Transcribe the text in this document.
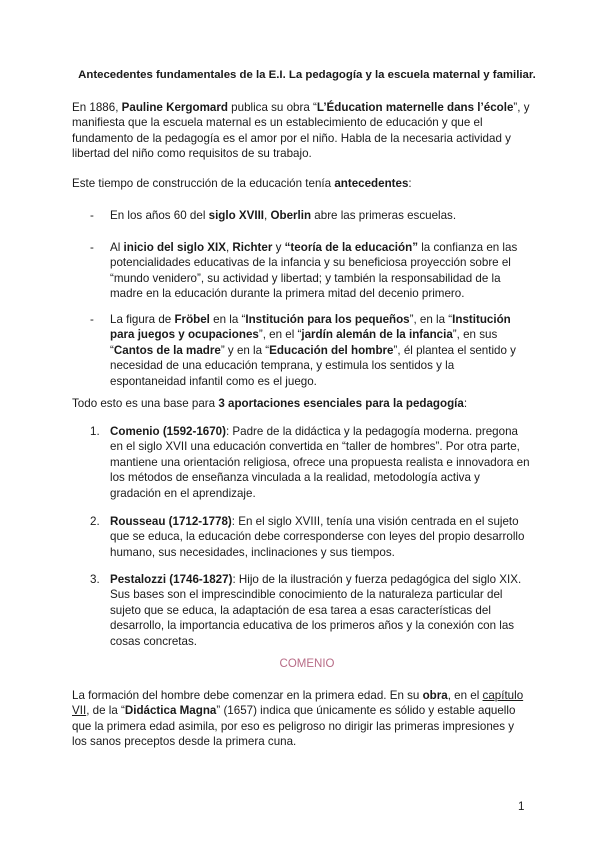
Antecedentes fundamentales de la E.I. La pedagogía y la escuela maternal y familiar.

En 1886, Pauline Kergomard publica su obra “L’Éducation maternelle dans l’école”, y manifiesta que la escuela maternal es un establecimiento de educación y que el fundamento de la pedagogía es el amor por el niño. Habla de la necesaria actividad y libertad del niño como requisitos de su trabajo.

Este tiempo de construcción de la educación tenía antecedentes:

- En los años 60 del siglo XVIII, Oberlin abre las primeras escuelas.

- Al inicio del siglo XIX, Richter y “teoría de la educación” la confianza en las potencialidades educativas de la infancia y su beneficiosa proyección sobre el “mundo venidero”, su actividad y libertad; y también la responsabilidad de la madre en la educación durante la primera mitad del decenio primero.

- La figura de Fröbel en la “Institución para los pequeños”, en la “Institución para juegos y ocupaciones”, en el “jardín alemán de la infancia”, en sus “Cantos de la madre” y en la “Educación del hombre”, él plantea el sentido y necesidad de una educación temprana, y estimula los sentidos y la espontaneidad infantil como es el juego.

Todo esto es una base para 3 aportaciones esenciales para la pedagogía:

1. Comenio (1592-1670): Padre de la didáctica y la pedagogía moderna. pregona en el siglo XVII una educación convertida en “taller de hombres”. Por otra parte, mantiene una orientación religiosa, ofrece una propuesta realista e innovadora en los métodos de enseñanza vinculada a la realidad, metodología activa y gradación en el aprendizaje.

2. Rousseau (1712-1778): En el siglo XVIII, tenía una visión centrada en el sujeto que se educa, la educación debe corresponderse con leyes del propio desarrollo humano, sus necesidades, inclinaciones y sus tiempos.

3. Pestalozzi (1746-1827): Hijo de la ilustración y fuerza pedagógica del siglo XIX. Sus bases son el imprescindible conocimiento de la naturaleza particular del sujeto que se educa, la adaptación de esa tarea a esas características del desarrollo, la importancia educativa de los primeros años y la conexión con las cosas concretas.

COMENIO

La formación del hombre debe comenzar en la primera edad. En su obra, en el capítulo VII, de la “Didáctica Magna” (1657) indica que únicamente es sólido y estable aquello que la primera edad asimila, por eso es peligroso no dirigir las primeras impresiones y los sanos preceptos desde la primera cuna.

1
